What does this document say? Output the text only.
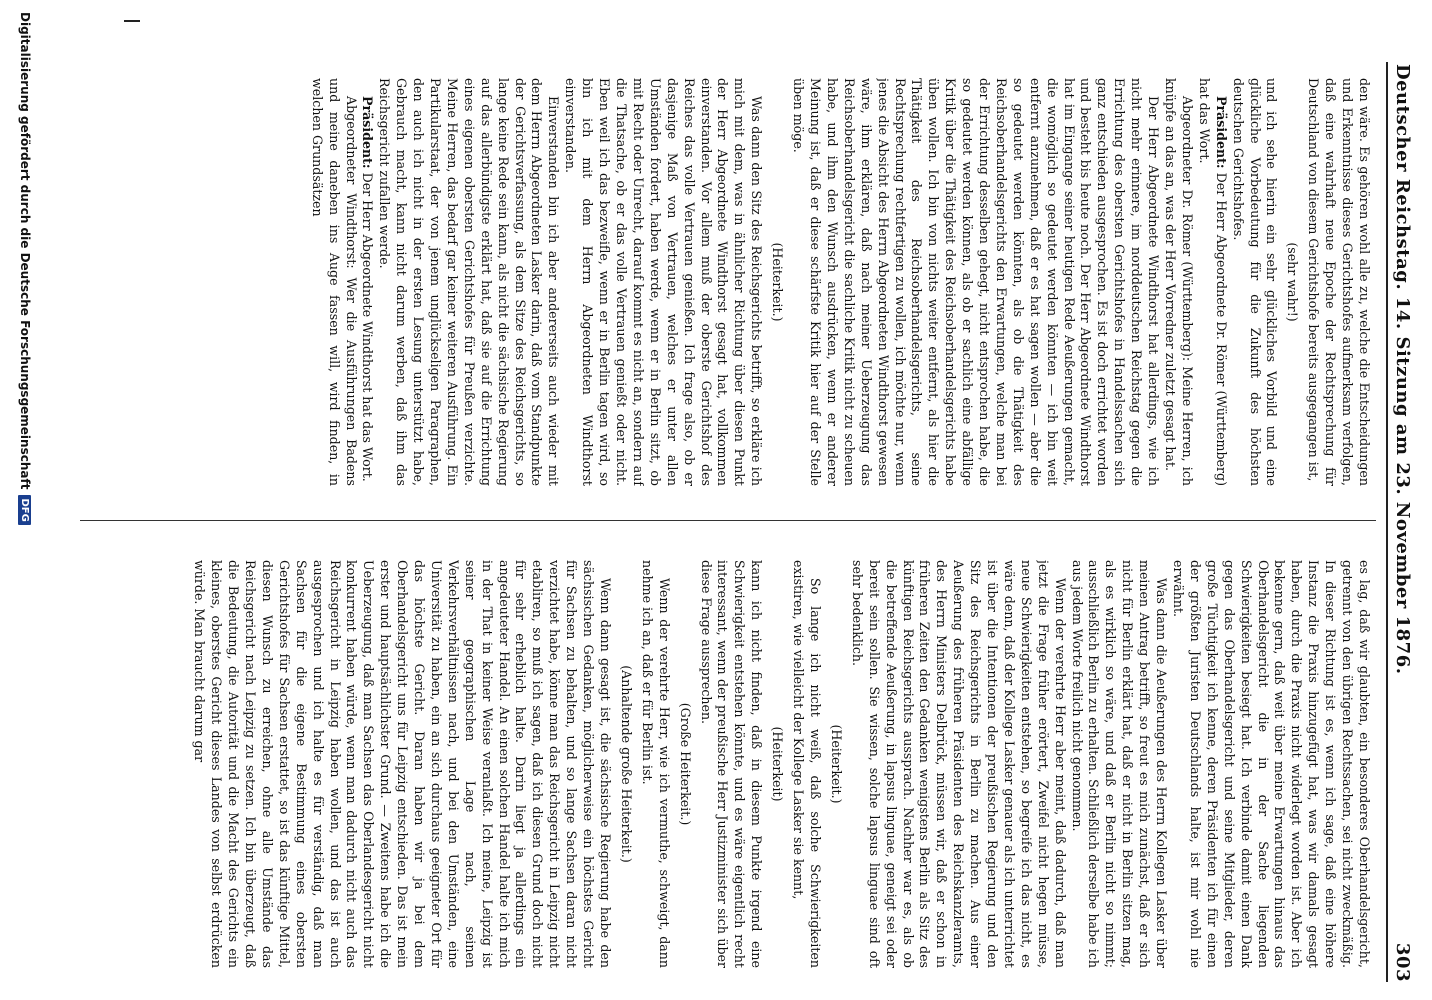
Deutscher Reichstag. 14. Sitzung am 23. November 1876.
303

den wäre. Es gehören wohl alle zu, welche die Entscheidungen und Erkenntnisse dieses Gerichtshofes aufmerksam verfolgen, daß eine wahrhaft neue Epoche der Rechtsprechung für Deutschland von diesem Gerichtshofe bereits ausgegangen ist,

(sehr wahr!)

und ich sehe hierin ein sehr glückliches Vorbild und eine glückliche Vorbedeutung für die Zukunft des höchsten deutschen Gerichtshofes.

Präsident: Der Herr Abgeordnete Dr. Römer (Württemberg) hat das Wort.

Abgeordneter Dr. Römer (Württemberg): Meine Herren, ich knüpfe an das an, was der Herr Vorredner zuletzt gesagt hat.

Der Herr Abgeordnete Windthorst hat allerdings, wie ich nicht mehr erinnere, im norddeutschen Reichstag gegen die Errichtung des obersten Gerichtshofes in Handelssachen sich ganz entschieden ausgesprochen. Es ist doch errichtet worden und besteht bis heute noch. Der Herr Abgeordnete Windthorst hat im Eingange seiner heutigen Rede Aeußerungen gemacht, die womöglich so gedeutet werden könnten — ich bin weit entfernt anzunehmen, daß er es hat sagen wollen — aber die so gedeutet werden könnten, als ob die Thätigkeit des Reichsoberhandelsgerichts den Erwartungen, welche man bei der Errichtung desselben gehegt, nicht entsprochen habe, die so gedeutet werden können, als ob er sachlich eine abfällige Kritik über die Thätigkeit des Reichsoberhandelsgerichts habe üben wollen. Ich bin von nichts weiter entfernt, als hier die Thätigkeit des Reichsoberhandelsgerichts, seine Rechtsprechung rechtfertigen zu wollen, ich möchte nur, wenn jenes die Absicht des Herrn Abgeordneten Windthorst gewesen wäre, ihm erklären, daß nach meiner Ueberzeugung das Reichsoberhandelsgericht die sachliche Kritik nicht zu scheuen habe, und ihm den Wunsch ausdrücken, wenn er anderer Meinung ist, daß er diese schärfste Kritik hier auf der Stelle üben möge.

(Heiterkeit.)

Was dann den Sitz des Reichsgerichts betrifft, so erkläre ich mich mit dem, was in ähnlicher Richtung über diesen Punkt der Herr Abgeordnete Windthorst gesagt hat, vollkommen einverstanden. Vor allem muß der oberste Gerichtshof des Reiches das volle Vertrauen genießen. Ich frage also, ob er dasjenige Maß von Vertrauen, welches er unter allen Umständen fordert, haben werde, wenn er in Berlin sitzt, ob mit Recht oder Unrecht, darauf kommt es nicht an, sondern auf die Thatsache, ob er das volle Vertrauen genießt oder nicht. Eben weil ich das bezweifle, wenn er in Berlin tagen wird, so bin ich mit dem Herrn Abgeordneten Windthorst einverstanden.

Einverstanden bin ich aber andererseits auch wieder mit dem Herrn Abgeordneten Lasker darin, daß vom Standpunkte der Gerichtsverfassung, als dem Sitze des Reichsgerichts, so lange keine Rede sein kann, als nicht die sächsische Regierung auf das allerbündigste erklärt hat, daß sie auf die Errichtung eines eigenen obersten Gerichtshofes für Preußen verzichte. Meine Herren, das bedarf gar keiner weiteren Ausführung. Ein Partikularstaat, der von jenem unglückseligen Paragraphen, den auch ich nicht in der ersten Lesung unterstützt habe, Gebrauch macht, kann nicht darum werben, daß ihm das Reichsgericht zufallen werde.

Präsident: Der Herr Abgeordnete Windthorst hat das Wort.

Abgeordneter Windthorst: Wer die Ausführungen Badens und meine daneben ins Auge fassen will, wird finden, in welchen Grundsätzen

es lag, daß wir glaubten, ein besonderes Oberhandelsgericht, getrennt von den übrigen Rechtssachen, sei nicht zweckmäßig. In dieser Richtung ist es, wenn ich sage, daß eine höhere Instanz die Praxis hinzugefügt hat, was wir damals gesagt haben, durch die Praxis nicht widerlegt worden ist. Aber ich bekenne gern, daß weit über meine Erwartungen hinaus das Oberhandelsgericht die in der Sache liegenden Schwierigkeiten besiegt hat. Ich verbinde damit einen Dank gegen das Oberhandelsgericht und seine Mitglieder, deren große Tüchtigkeit ich kenne, deren Präsidenten ich für einen der größten Juristen Deutschlands halte, ist mir wohl nie erwähnt.

Was dann die Aeußerungen des Herrn Kollegen Lasker über meinen Antrag betrifft, so freut es mich zunächst, daß er sich nicht für Berlin erklärt hat, daß er nicht in Berlin sitzen mag, als es wirklich so wäre, und daß er Berlin nicht so nimmt; ausschließlich Berlin zu erhalten. Schließlich derselbe habe ich aus jedem Worte freilich nicht genommen.

Wenn der verehrte Herr aber meint, daß dadurch, daß man jetzt die Frage früher erörtert, Zweifel nicht hegen müsse, neue Schwierigkeiten entstehen, so begreife ich das nicht, es wäre denn, daß der Kollege Lasker genauer als ich unterrichtet ist über die Intentionen der preußischen Regierung und den Sitz des Reichsgerichts in Berlin zu machen. Aus einer Aeußerung des früheren Präsidenten des Reichskanzleramts, des Herrn Ministers Delbrück, müssen wir, daß er schon in früheren Zeiten den Gedanken wenigstens Berlin als Sitz des künftigen Reichsgerichts aussprach. Nachher war es, als ob die betreffende Aeußerung, in lapsus linguae, geneigt sei oder bereit sein sollen. Sie wissen, solche lapsus linguae sind oft sehr bedenklich.

(Heiterkeit.)

So lange ich nicht weiß, daß solche Schwierigkeiten existiren, wie vielleicht der Kollege Lasker sie kennt,

(Heiterkeit)

kann ich nicht finden, daß in diesem Punkte irgend eine Schwierigkeit entstehen könnte, und es wäre eigentlich recht interessant, wenn der preußische Herr Justizminister sich über diese Frage aussprechen.

(Große Heiterkeit.)

Wenn der verehrte Herr, wie ich vermuthe, schweigt, dann nehme ich an, daß er für Berlin ist.

(Anhaltende große Heiterkeit.)

Wenn dann gesagt ist, die sächsische Regierung habe den sächsischen Gedanken, möglicherweise ein höchstes Gericht für Sachsen zu behalten, und so lange Sachsen daran nicht verzichtet habe, könne man das Reichsgericht in Leipzig nicht etabliren, so muß ich sagen, daß ich diesen Grund doch nicht für sehr erheblich halte. Darin liegt ja allerdings ein angedeuteter Handel. An einen solchen Handel halte ich mich in der That in keiner Weise veranlaßt. Ich meine, Leipzig ist seiner geographischen Lage nach, seinen Verkehrsverhältnissen nach, und bei den Umständen, eine Universität zu haben, ein an sich durchaus geeigneter Ort für das höchste Gericht. Daran haben wir ja bei dem Oberhandelsgericht uns für Leipzig entschieden. Das ist mein erster und hauptsächlichster Grund. — Zweitens habe ich die Ueberzeugung, daß man Sachsen das Oberlandesgericht nicht konkurrent haben würde, wenn man dadurch nicht auch das Reichsgericht in Leipzig haben wollen, und das ist auch ausgesprochen und ich halte es für verständig, daß man Sachsen für die eigene Bestimmung eines obersten Gerichtshofes für Sachsen erstattet, so ist das künftige Mittel, diesen Wunsch zu erreichen, ohne alle Umstände das Reichsgericht nach Leipzig zu setzen. Ich bin überzeugt, daß die Bedeutung, die Autorität und die Macht des Gerichts ein kleines, oberstes Gericht dieses Landes von selbst erdrücken würde. Man braucht darum gar

Digitalisierung gefördert durch die Deutsche Forschungsgemeinschaft
DFG
